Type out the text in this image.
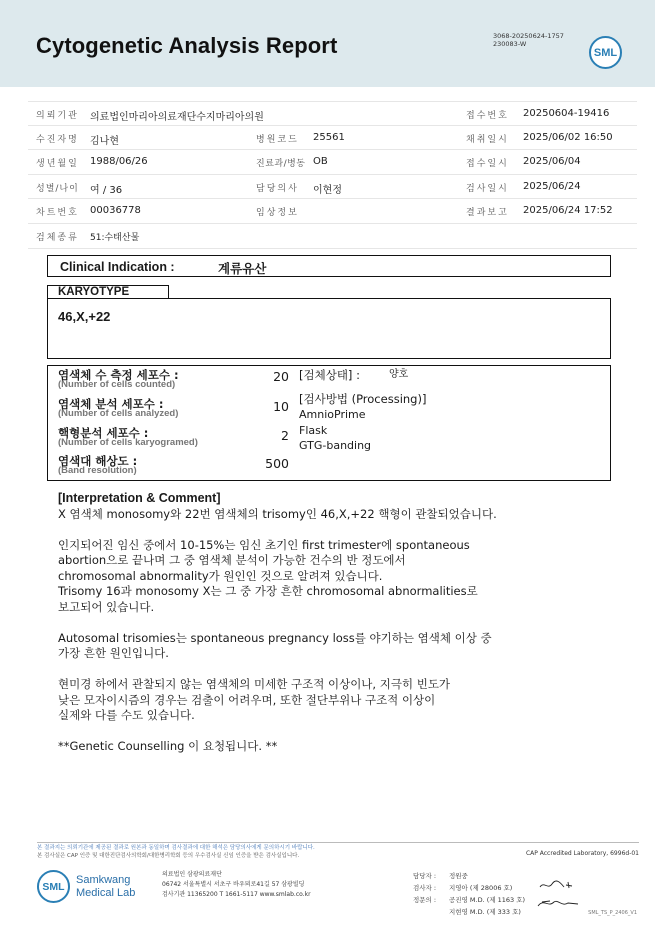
Cytogenetic Analysis Report	3068-20250624-1757
230083-W
SML
의뢰기관 의료법인마리아의료재단수지마리아의원	접수번호 20250604-19416
수진자명 김나현	병원코드 25561	채취일시 2025/06/02 16:50
생년월일 1988/06/26	진료과/병동 OB	접수일시 2025/06/04
성별/나이 여 / 36	담당의사 이현정	검사일시 2025/06/24
차트번호 00036778	임상정보	결과보고 2025/06/24 17:52
검체종류 51:수태산물
Clinical Indication :	계류유산
KARYOTYPE
46,X,+22
염색체 수 측정 세포수 :
(Number of cells counted)
20
염색체 분석 세포수 :
(Number of cells analyzed)	10
핵형분석 세포수 :
(Number of cells karyogramed)	2
염색대 해상도 :
(Band resolution)	500
[검체상태] :	양호
[검사방법 (Processing)]
AmnioPrime
Flask
GTG-banding

[Interpretation & Comment]

X 염색체 monosomy와 22번 염색체의 trisomy인 46,X,+22 핵형이 관찰되었습니다.

인지되어진 임신 중에서 10-15%는 임신 초기인 first trimester에 spontaneous

abortion으로 끝나며 그 중 염색체 분석이 가능한 건수의 반 정도에서

chromosomal abnormality가 원인인 것으로 알려져 있습니다.

Trisomy 16과 monosomy X는 그 중 가장 흔한 chromosomal abnormalities로

보고되어 있습니다.

Autosomal trisomies는 spontaneous pregnancy loss를 야기하는 염색체 이상 중

가장 흔한 원인입니다.

현미경 하에서 관찰되지 않는 염색체의 미세한 구조적 이상이나, 지극히 빈도가

낮은 모자이시즘의 경우는 검출이 어려우며, 또한 절단부위나 구조적 이상이

실제와 다를 수도 있습니다.

**Genetic Counselling 이 요청됩니다. **

본 결과지는 의뢰기관에 제공된 결과로 원본과 동일하며 검사결과에 대한 해석은 담당의사에게 문의하시기 바랍니다.
본 검사실은 CAP 인증 및 대한진단검사의학회/대한병리학회 등의 우수검사실 신임 인증을 받은 검사실입니다.	CAP Accredited Laboratory, 6996d-01
SML
Samkwang
Medical Lab
의료법인 삼광의료재단
06742 서울특별시 서초구 바우뫼로41길 57 삼광빌딩
검사기관 11365200 T 1661-5117 www.smlab.co.kr
담당자 : 정원중
검사자 : 지영아 (제 28006 호)
정문의 : 공진영 M.D. (제 1163 호)
지현영 M.D. (제 333 호)	SML_TS_P_2406_V1
